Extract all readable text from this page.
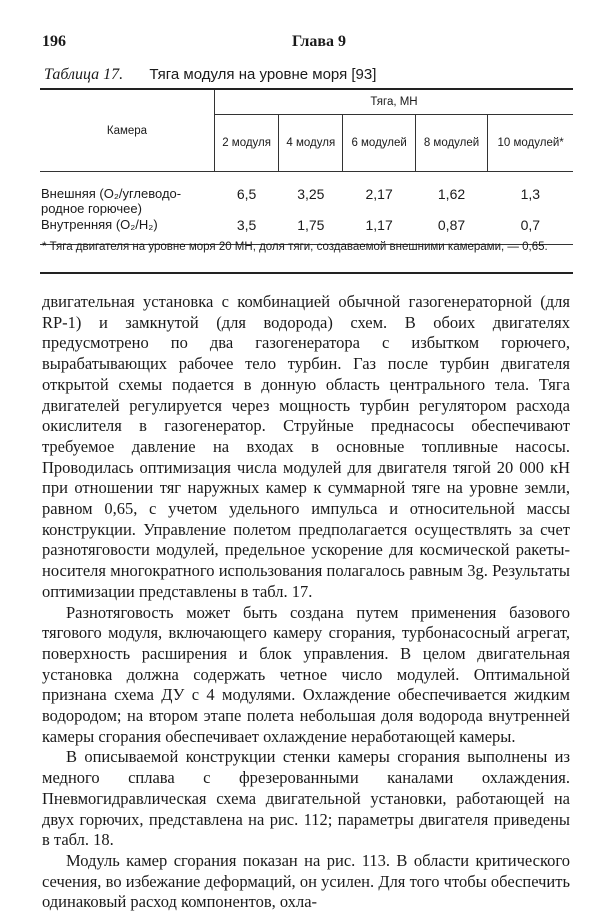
196	Глава 9
Таблица 17. Тяга модуля на уровне моря [93]
Камера	Тяга, МН				
	2 модуля	4 модуля	6 модулей	8 модулей	10 модулей*

Внешняя (O₂/углеводо-
родное горючее)	6,5	3,25	2,17	1,62	1,3

Внутренняя (O₂/H₂)	3,5	1,75	1,17	0,87	0,7

* Тяга двигателя на уровне моря 20 МН, доля тяги, создаваемой внешними камерами, — 0,65.

двигательная установка с комбинацией обычной газогенераторной (для RP-1) и замкнутой (для водорода) схем. В обоих двигателях предусмотрено по два газогенератора с избытком горючего, вырабатывающих рабочее тело турбин. Газ после турбин двигателя открытой схемы подается в донную область центрального тела. Тяга двигателей регулируется через мощность турбин регулятором расхода окислителя в газогенератор. Струйные преднасосы обеспечивают требуемое давление на входах в основные топливные насосы. Проводилась оптимизация числа модулей для двигателя тягой 20 000 кН при отношении тяг наружных камер к суммарной тяге на уровне земли, равном 0,65, с учетом удельного импульса и относительной массы конструкции. Управление полетом предполагается осуществлять за счет разнотяговости модулей, предельное ускорение для космической ракеты-носителя многократного использования полагалось равным 3g. Результаты оптимизации представлены в табл. 17.

Разнотяговость может быть создана путем применения базового тягового модуля, включающего камеру сгорания, турбонасосный агрегат, поверхность расширения и блок управления. В целом двигательная установка должна содержать четное число модулей. Оптимальной признана схема ДУ с 4 модулями. Охлаждение обеспечивается жидким водородом; на втором этапе полета небольшая доля водорода внутренней камеры сгорания обеспечивает охлаждение неработающей камеры.

В описываемой конструкции стенки камеры сгорания выполнены из медного сплава с фрезерованными каналами охлаждения. Пневмогидравлическая схема двигательной установки, работающей на двух горючих, представлена на рис. 112; параметры двигателя приведены в табл. 18.

Модуль камер сгорания показан на рис. 113. В области критического сечения, во избежание деформаций, он усилен. Для того чтобы обеспечить одинаковый расход компонентов, охла-
